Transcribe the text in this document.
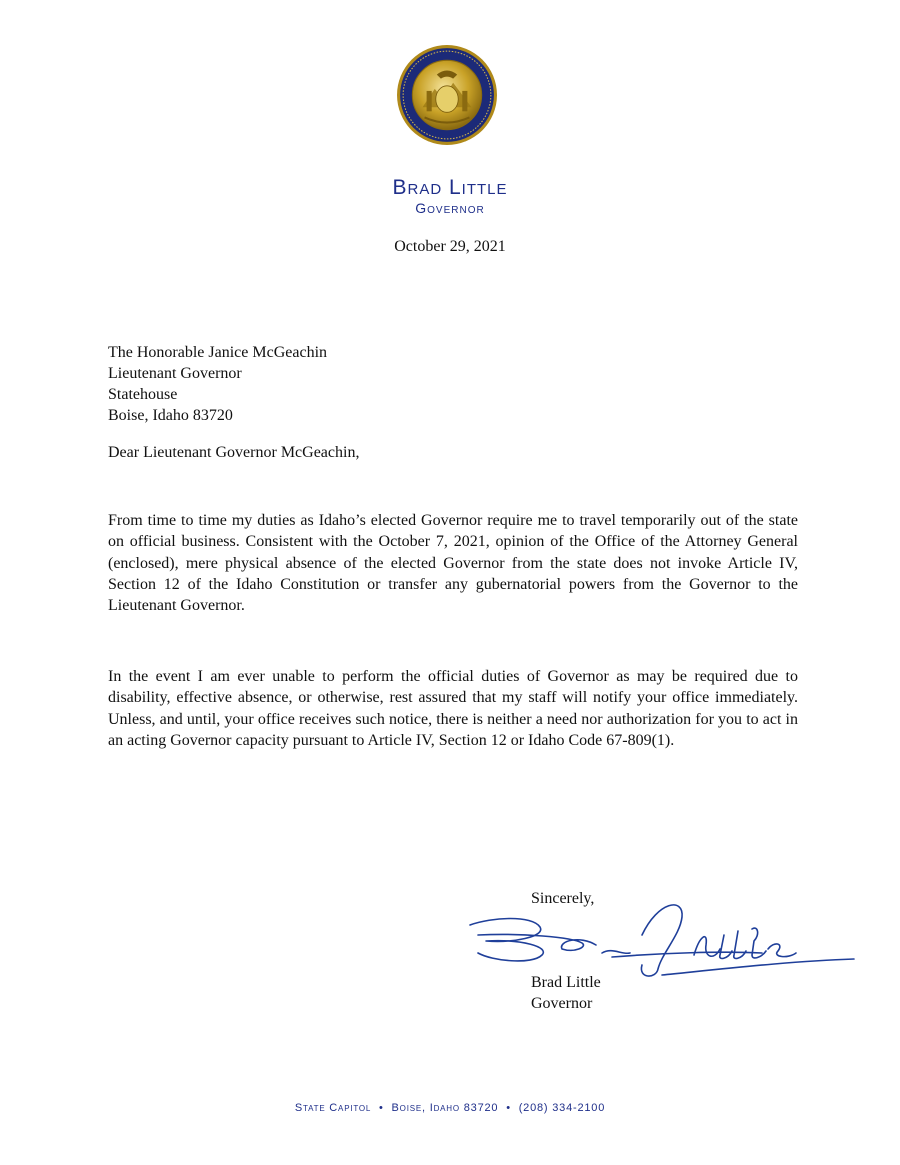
Brad Little
Governor
October 29, 2021
The Honorable Janice McGeachin
Lieutenant Governor
Statehouse
Boise, Idaho 83720
Dear Lieutenant Governor McGeachin,

From time to time my duties as Idaho’s elected Governor require me to travel temporarily out of the state on official business. Consistent with the October 7, 2021, opinion of the Office of the Attorney General (enclosed), mere physical absence of the elected Governor from the state does not invoke Article IV, Section 12 of the Idaho Constitution or transfer any gubernatorial powers from the Governor to the Lieutenant Governor.

In the event I am ever unable to perform the official duties of Governor as may be required due to disability, effective absence, or otherwise, rest assured that my staff will notify your office immediately. Unless, and until, your office receives such notice, there is neither a need nor authorization for you to act in an acting Governor capacity pursuant to Article IV, Section 12 or Idaho Code 67-809(1).

Sincerely,
Brad Little
Governor
State Capitol • Boise, Idaho 83720 • (208) 334-2100
